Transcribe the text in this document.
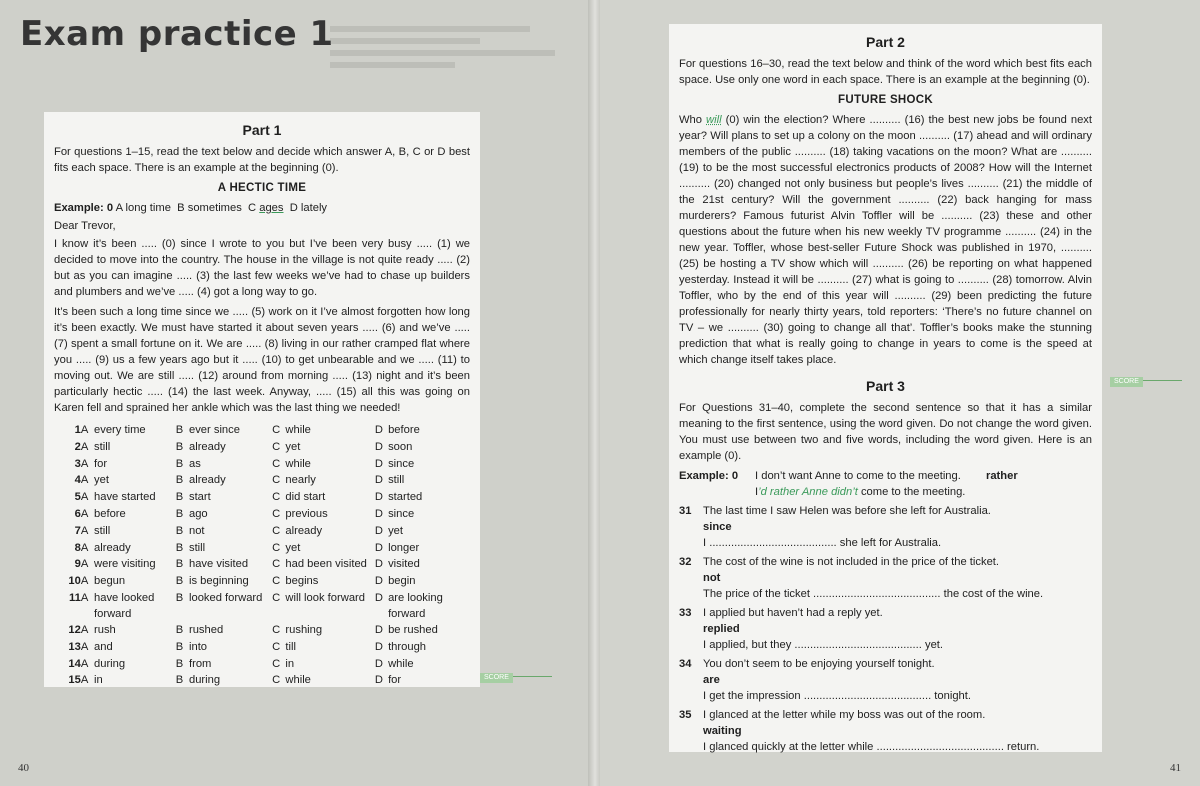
Exam practice 1
Part 1

For questions 1–15, read the text below and decide which answer A, B, C or D best fits each space. There is an example at the beginning (0).

A HECTIC TIME
Example: 0 A long time B sometimes C ages D lately

Dear Trevor,

I know it’s been ..... (0) since I wrote to you but I’ve been very busy ..... (1) we decided to move into the country. The house in the village is not quite ready ..... (2) but as you can imagine ..... (3) the last few weeks we’ve had to chase up builders and plumbers and we’ve ..... (4) got a long way to go.

It’s been such a long time since we ..... (5) work on it I’ve almost forgotten how long it’s been exactly. We must have started it about seven years ..... (6) and we’ve ..... (7) spent a small fortune on it. We are ..... (8) living in our rather cramped flat where you ..... (9) us a few years ago but it ..... (10) to get unbearable and we ..... (11) to moving out. We are still ..... (12) around from morning ..... (13) night and it’s been particularly hectic ..... (14) the last week. Anyway, ..... (15) all this was going on Karen fell and sprained her ankle which was the last thing we needed!

1	A	every time	B	ever since	C	while	D	before
2	A	still	B	already	C	yet	D	soon
3	A	for	B	as	C	while	D	since
4	A	yet	B	already	C	nearly	D	still
5	A	have started	B	start	C	did start	D	started
6	A	before	B	ago	C	previous	D	since
7	A	still	B	not	C	already	D	yet
8	A	already	B	still	C	yet	D	longer
9	A	were visiting	B	have visited	C	had been visited	D	visited
10	A	begun	B	is beginning	C	begins	D	begin
11	A	have looked forward	B	looked forward	C	will look forward	D	are looking forward
12	A	rush	B	rushed	C	rushing	D	be rushed
13	A	and	B	into	C	till	D	through
14	A	during	B	from	C	in	D	while
15	A	in	B	during	C	while	D	for	SCORE
40	41
SCORE
Part 2

For questions 16–30, read the text below and think of the word which best fits each space. Use only one word in each space. There is an example at the beginning (0).

FUTURE SHOCK

Who will (0) win the election? Where .......... (16) the best new jobs be found next year? Will plans to set up a colony on the moon .......... (17) ahead and will ordinary members of the public .......... (18) taking vacations on the moon? What are .......... (19) to be the most successful electronics products of 2008? How will the Internet .......... (20) changed not only business but people’s lives .......... (21) the middle of the 21st century? Will the government .......... (22) back hanging for mass murderers? Famous futurist Alvin Toffler will be .......... (23) these and other questions about the future when his new weekly TV programme .......... (24) in the new year. Toffler, whose best-seller Future Shock was published in 1970, .......... (25) be hosting a TV show which will .......... (26) be reporting on what happened yesterday. Instead it will be .......... (27) what is going to .......... (28) tomorrow. Alvin Toffler, who by the end of this year will .......... (29) been predicting the future professionally for nearly thirty years, told reporters: ‘There’s no future channel on TV – we .......... (30) going to change all that’. Toffler’s books make the stunning prediction that what is really going to change in years to come is the speed at which change itself takes place.

Part 3

For Questions 31–40, complete the second sentence so that it has a similar meaning to the first sentence, using the word given. Do not change the word given. You must use between two and five words, including the word given. Here is an example (0).

Example: 0	I don’t want Anne to come to the meeting. rather
I’d rather Anne didn’t come to the meeting.
31	The last time I saw Helen was before she left for Australia.
since
I ......................................... she left for Australia.
32	The cost of the wine is not included in the price of the ticket.
not
The price of the ticket ......................................... the cost of the wine.
33	I applied but haven’t had a reply yet.
replied
I applied, but they ......................................... yet.
34	You don’t seem to be enjoying yourself tonight.
are
I get the impression ......................................... tonight.
35	I glanced at the letter while my boss was out of the room.
waiting
I glanced quickly at the letter while ......................................... return.
